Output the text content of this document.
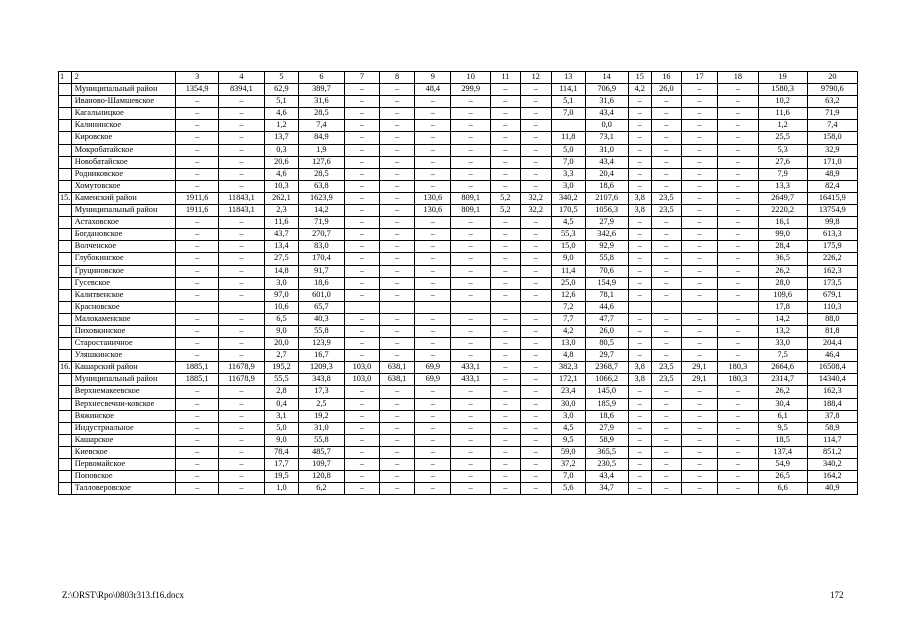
1	2	3	4	5	6	7	8	9	10	11	12	13	14	15	16	17	18	19	20
	Муниципальный район	1354,9	8394,1	62,9	389,7	–	–	48,4	299,9	–	–	114,1	706,9	4,2	26,0	–	–	1580,3	9790,6
	Иваново-Шамшевское	–	–	5,1	31,6	–	–	–	–	–	–	5,1	31,6	–	–	–	–	10,2	63,2
	Кагальницкое	–	–	4,6	28,5	–	–	–	–	–	–	7,0	43,4	–	–	–	–	11,6	71,9
	Калининское	–	–	1,2	7,4	–	–	–	–	–	–		0,0	–	–	–	–	1,2	7,4
	Кировское	–	–	13,7	84,9	–	–	–	–	–	–	11,8	73,1	–	–	–	–	25,5	158,0
	Мокробатайское	–	–	0,3	1,9	–	–	–	–	–	–	5,0	31,0	–	–	–	–	5,3	32,9
	Новобатайское	–	–	20,6	127,6	–	–	–	–	–	–	7,0	43,4	–	–	–	–	27,6	171,0
	Родниковское	–	–	4,6	28,5	–	–	–	–	–	–	3,3	20,4	–	–	–	–	7,9	48,9
	Хомутовское	–	–	10,3	63,8	–	–	–	–	–	–	3,0	18,6	–	–	–	–	13,3	82,4
15.	Каменский район	1911,6	11843,1	262,1	1623,9	–	–	130,6	809,1	5,2	32,2	340,2	2107,6	3,8	23,5	–	–	2649,7	16415,9
	Муниципальный район	1911,6	11843,1	2,3	14,2	–	–	130,6	809,1	5,2	32,2	170,5	1056,3	3,8	23,5	–	–	2220,2	13754,9
	Астаховское	–	–	11,6	71,9	–	–	–	–	–	–	4,5	27,9	–	–	–	–	16,1	99,8
	Богдановское	–	–	43,7	270,7	–	–	–	–	–	–	55,3	342,6	–	–	–	–	99,0	613,3
	Волченское	–	–	13,4	83,0	–	–	–	–	–	–	15,0	92,9	–	–	–	–	28,4	175,9
	Глубокинское	–	–	27,5	170,4	–	–	–	–	–	–	9,0	55,8	–	–	–	–	36,5	226,2
	Груциновское	–	–	14,8	91,7	–	–	–	–	–	–	11,4	70,6	–	–	–	–	26,2	162,3
	Гусевское	–	–	3,0	18,6	–	–	–	–	–	–	25,0	154,9	–	–	–	–	28,0	173,5
	Калитвенское	–	–	97,0	601,0	–	–	–	–	–	–	12,6	78,1	–	–	–	–	109,6	679,1
	Красновское			10,6	65,7							7,2	44,6					17,8	110,3
	Малокаменское	–	–	6,5	40,3	–	–	–	–	–	–	7,7	47,7	–	–	–	–	14,2	88,0
	Пиховкинское	–	–	9,0	55,8	–	–	–	–	–	–	4,2	26,0	–	–	–	–	13,2	81,8
	Старостаничное	–	–	20,0	123,9	–	–	–	–	–	–	13,0	80,5	–	–	–	–	33,0	204,4
	Уляшкинское	–	–	2,7	16,7	–	–	–	–	–	–	4,8	29,7	–	–	–	–	7,5	46,4
16.	Кашарский район	1885,1	11678,9	195,2	1209,3	103,0	638,1	69,9	433,1	–	–	382,3	2368,7	3,8	23,5	29,1	180,3	2664,6	16508,4
	Муниципальный район	1885,1	11678,9	55,5	343,8	103,0	638,1	69,9	433,1	–	–	172,1	1066,2	3,8	23,5	29,1	180,3	2314,7	14340,4
	Верхнемакеевское	–	–	2,8	17,3	–	–	–	–	–	–	23,4	145,0	–	–	–	–	26,2	162,3
	Верхнесвечни-ковское	–	–	0,4	2,5	–	–	–	–	–	–	30,0	185,9	–	–	–	–	30,4	188,4
	Вяжинское	–	–	3,1	19,2	–	–	–	–	–	–	3,0	18,6	–	–	–	–	6,1	37,8
	Индустриальное	–	–	5,0	31,0	–	–	–	–	–	–	4,5	27,9	–	–	–	–	9,5	58,9
	Кашарское	–	–	9,0	55,8	–	–	–	–	–	–	9,5	58,9	–	–	–	–	18,5	114,7
	Киевское	–	–	78,4	485,7	–	–	–	–	–	–	59,0	365,5	–	–	–	–	137,4	851,2
	Первомайское	–	–	17,7	109,7	–	–	–	–	–	–	37,2	230,5	–	–	–	–	54,9	340,2
	Поповское	–	–	19,5	120,8	–	–	–	–	–	–	7,0	43,4	–	–	–	–	26,5	164,2
	Талловеровское	–	–	1,0	6,2	–	–	–	–	–	–	5,6	34,7	–	–	–	–	6,6	40,9
Z:\ORST\Rpo\0803r313.f16.docx	172
